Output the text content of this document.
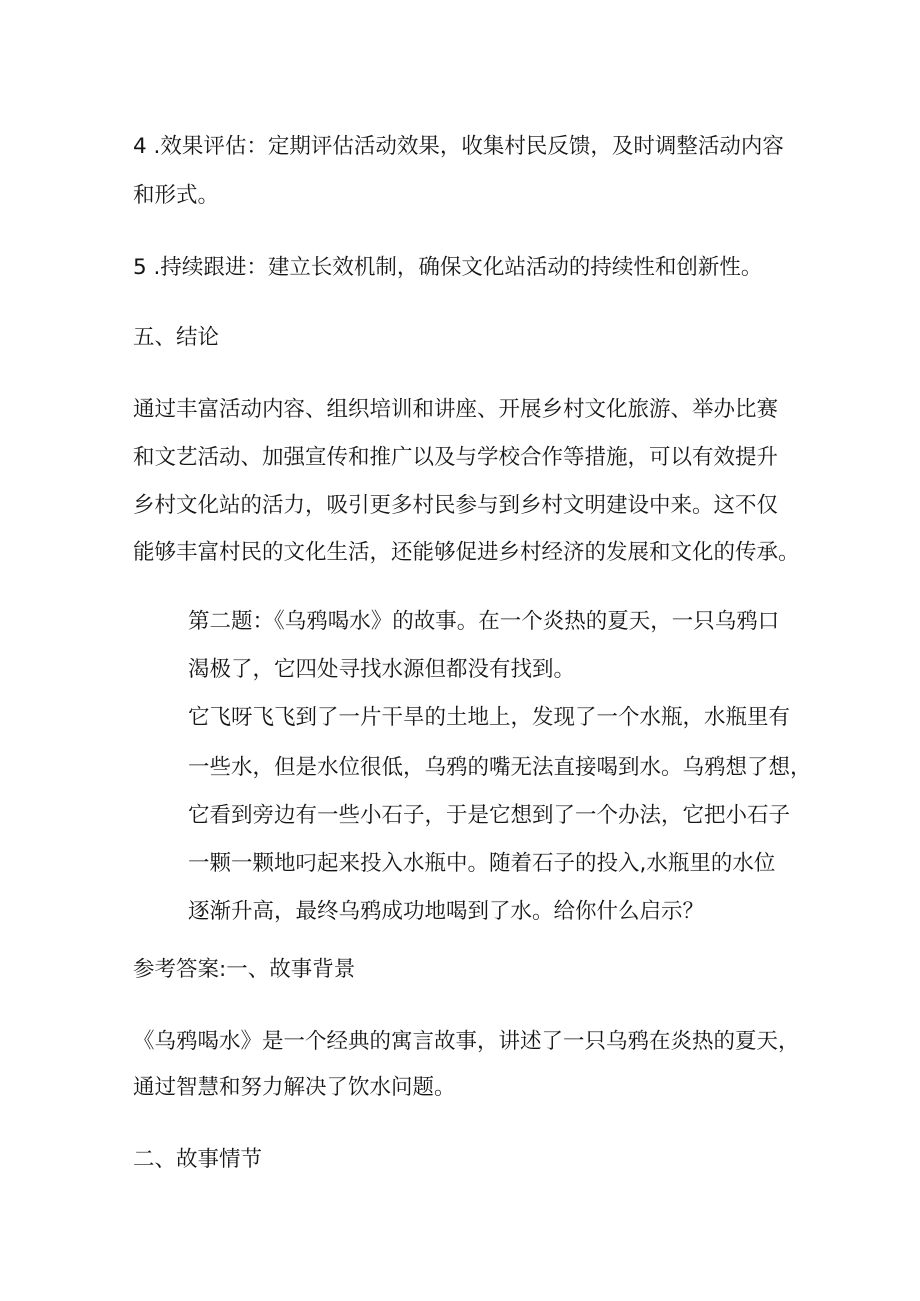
4 .效果评估：定期评估活动效果，收集村民反馈，及时调整活动内容
和形式。
5 .持续跟进：建立长效机制，确保文化站活动的持续性和创新性。
五、结论
通过丰富活动内容、组织培训和讲座、开展乡村文化旅游、举办比赛
和文艺活动、加强宣传和推广以及与学校合作等措施，可以有效提升
乡村文化站的活力，吸引更多村民参与到乡村文明建设中来。这不仅
能够丰富村民的文化生活，还能够促进乡村经济的发展和文化的传承。
第二题：《乌鸦喝水》的故事。在一个炎热的夏天，一只乌鸦口
渴极了，它四处寻找水源但都没有找到。
它飞呀飞飞到了一片干旱的土地上，发现了一个水瓶，水瓶里有
一些水，但是水位很低，乌鸦的嘴无法直接喝到水。乌鸦想了想，
它看到旁边有一些小石子，于是它想到了一个办法，它把小石子
一颗一颗地叼起来投入水瓶中。随着石子的投入,水瓶里的水位
逐渐升高，最终乌鸦成功地喝到了水。给你什么启示？
参考答案:一、故事背景
《乌鸦喝水》是一个经典的寓言故事，讲述了一只乌鸦在炎热的夏天，
通过智慧和努力解决了饮水问题。
二、故事情节
